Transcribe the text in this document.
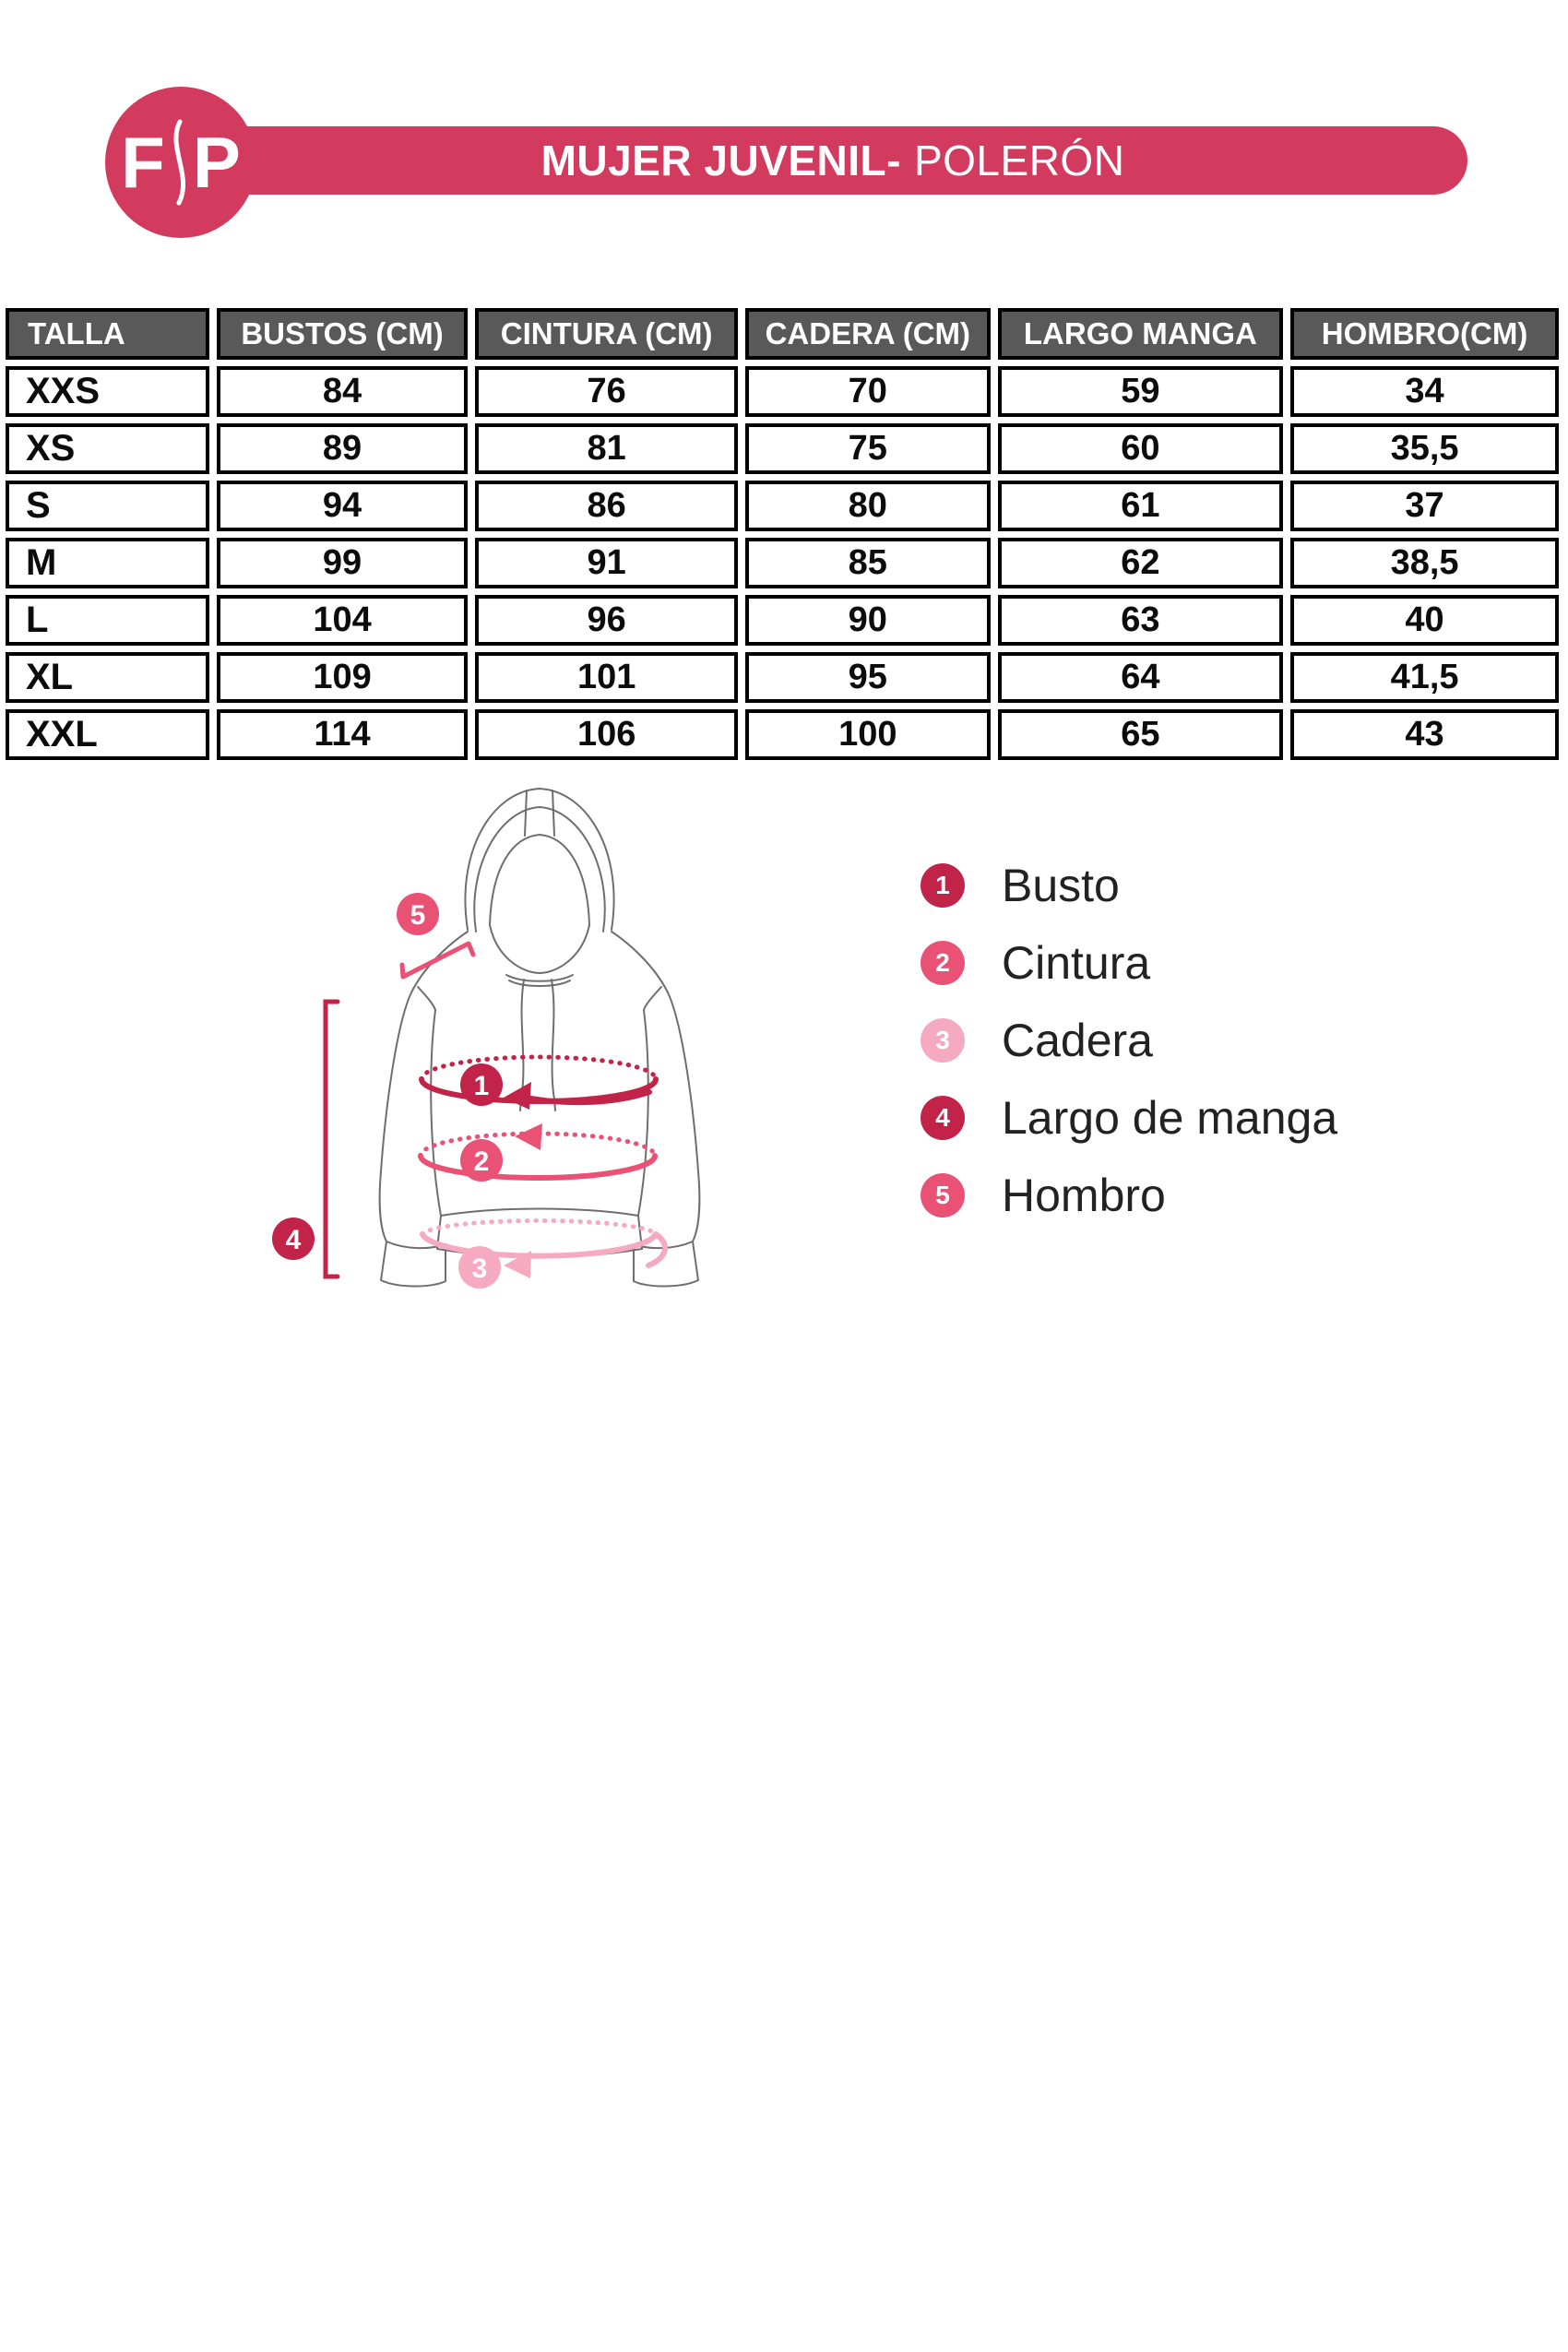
F P	MUJER JUVENIL- POLERÓN
TALLA	BUSTOS (CM)	CINTURA (CM)	CADERA (CM)	LARGO MANGA	HOMBRO(CM)
XXS	84	76	70	59	34
XS	89	81	75	60	35,5
S	94	86	80	61	37
M	99	91	85	62	38,5
L	104	96	90	63	40
XL	109	101	95	64	41,5
XXL	114	106	100	65	43
1
2
3
4
5
1	Busto
2	Cintura
3	Cadera
4	Largo de manga
5	Hombro
